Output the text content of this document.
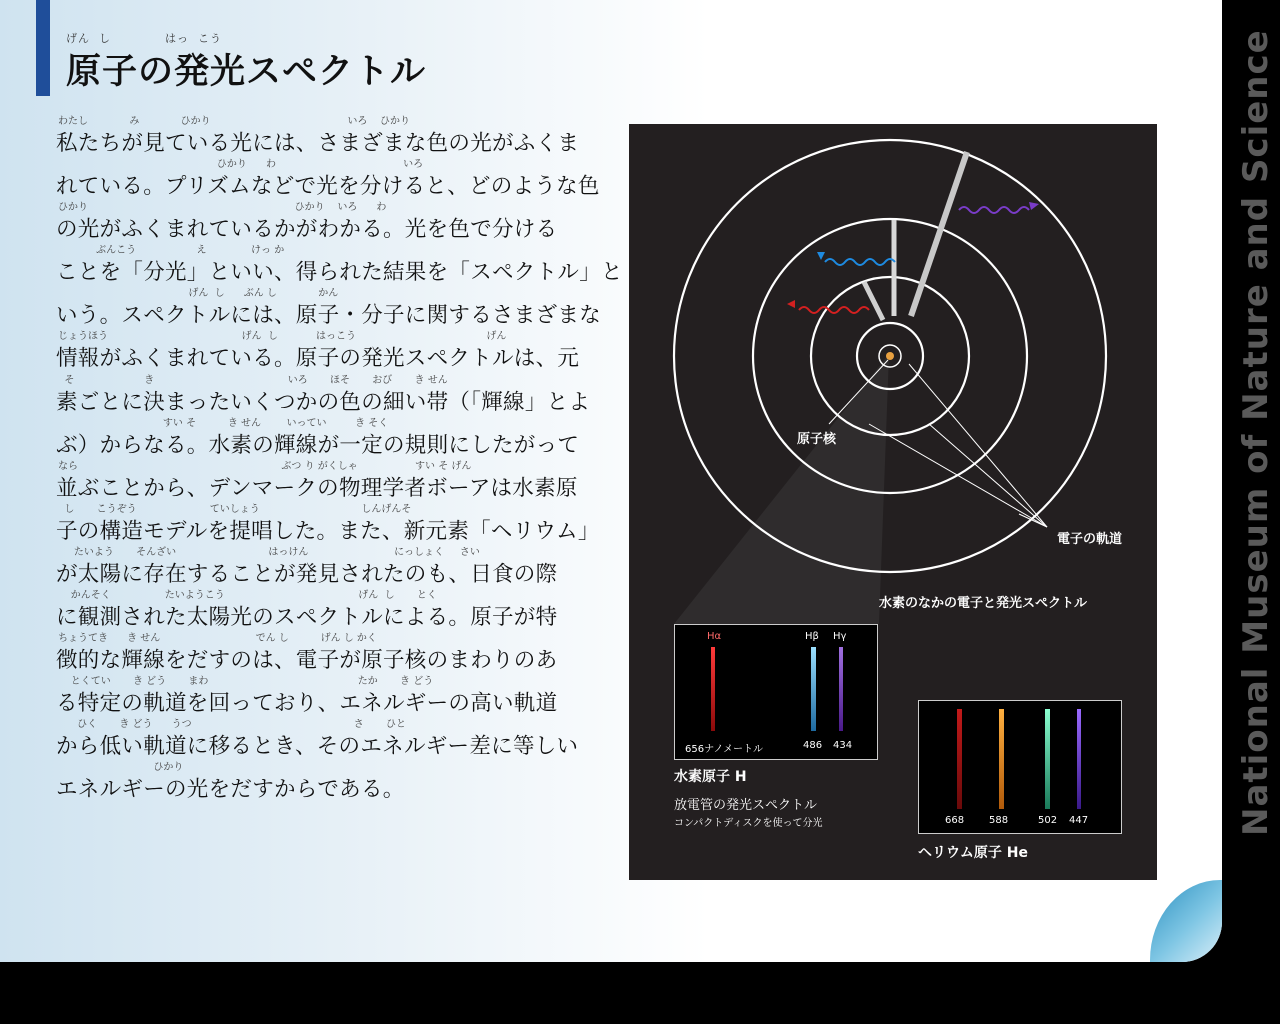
げん  し            はっ  こう
原子の発光スペクトル
わたし             み             ひかり                                           いろ    ひかり
私たちが見ている光には、さまざまな色の光がふくま
ひかり      わ                                        いろ
れている。プリズムなどで光を分けると、どのような色
ひかり                                                                 ひかり    いろ      わ
の光がふくまれているかがわかる。光を色で分ける
ぶんこう                   え              けっ か
ことを「分光」といい、得られた結果を「スペクトル」と
げん  し      ぶん し             かん
いう。スペクトルには、原子・分子に関するさまざまな
じょうほう                                          げん  し            はっこう                                         げん
情報がふくまれている。原子の発光スペクトルは、元
そ                      き                                          いろ       ほそ       おび       き せん
素ごとに決まったいくつかの色の細い帯（「輝線」とよ
すい そ          き せん        いってい         き そく
ぶ）からなる。水素の輝線が一定の規則にしたがって
なら                                                                ぶつ り がくしゃ                  すい そ げん
並ぶことから、デンマークの物理学者ボーアは水素原
し       こうぞう                       ていしょう                                しんげんそ
子の構造モデルを提唱した。また、新元素「ヘリウム」
たいよう       そんざい                             はっけん                           にっしょく     さい
が太陽に存在することが発見されたのも、日食の際
かんそく                 たいようこう                                          げん  し       とく
に観測された太陽光のスペクトルによる。原子が特
ちょうてき      き せん                              でん し          げん し かく
徴的な輝線をだすのは、電子が原子核のまわりのあ
とくてい       き どう       まわ                                               たか       き どう
る特定の軌道を回っており、エネルギーの高い軌道
ひく       き どう      うつ                                                   さ       ひと
から低い軌道に移るとき、そのエネルギー差に等しい
ひかり
エネルギーの光をだすからである。
原子核
電子の軌道
水素のなかの電子と発光スペクトル
Hα	Hβ Hγ
656ナノメートル	486 434
水素原子 H
放電管の発光スペクトル
コンパクトディスクを使って分光	668 588	502 447
ヘリウム原子 He
National Museum of Nature and Science
